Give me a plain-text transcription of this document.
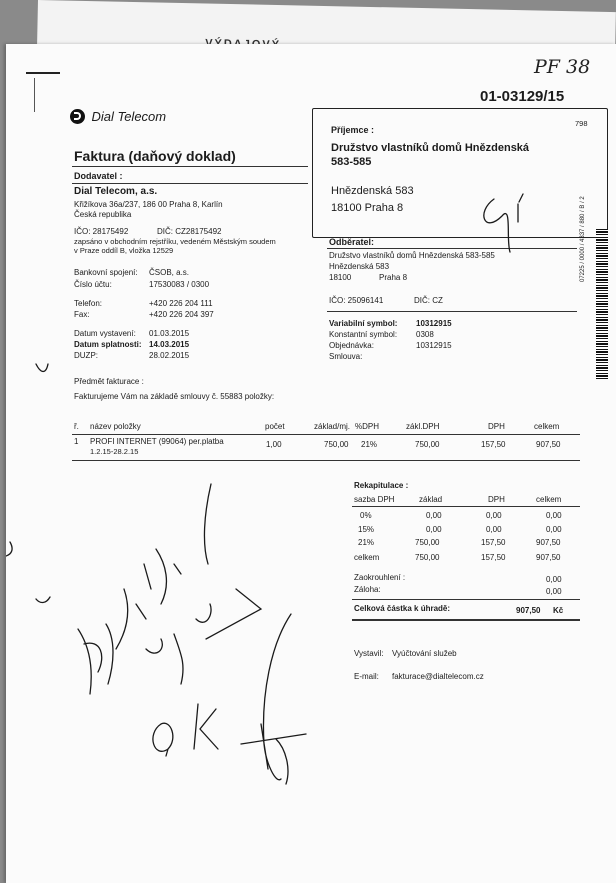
PF 38
01-03129/15
Dial Telecom
Faktura (daňový doklad)
Dodavatel :
Dial Telecom, a.s.
Křižíkova 36a/237, 186 00 Praha 8, Karlín
Česká republika
IČO: 28175492	DIČ: CZ28175492
zapsáno v obchodním rejstříku, vedeném Městským soudem
v Praze oddíl B, vložka 12529
Bankovní spojení: ČSOB, a.s.
Číslo účtu:	17530083 / 0300
Telefon:	+420 226 204 111
Fax:	+420 226 204 397
Datum vystavení: 01.03.2015
Datum splatnosti: 14.03.2015
DUZP:	28.02.2015
798
Příjemce :
Družstvo vlastníků domů Hnězdenská
583-585
Hnězdenská 583
18100 Praha 8
Odběratel:
Družstvo vlastníků domů Hnězdenská 583-585
Hnězdenská 583
18100	Praha 8
IČO: 25096141	DIČ: CZ
Variabilní symbol: 10312915
Konstantní symbol: 0308
Objednávka:	10312915
Smlouva:
07225 / 0000 / 4337 / 880 / B / 2
Předmět fakturace :
Fakturujeme Vám na základě smlouvy č. 55883 položky:
ř. název položky	počet	základ/mj. %DPH	zákl.DPH	DPH	celkem
1 PROFI INTERNET (99064) per.platba
1.2.15-28.2.15
1,00	750,00 21%	750,00	157,50	907,50
Rekapitulace :
sazba DPH	základ	DPH	celkem
0%	0,00	0,00	0,00
15%	0,00	0,00	0,00
21%	750,00	157,50	907,50
celkem	750,00	157,50	907,50
Zaokrouhlení :	0,00
Záloha:	0,00
Celková částka k úhradě:	907,50 Kč
Vystavil: Vyúčtování služeb
E-mail: fakturace@dialtelecom.cz
